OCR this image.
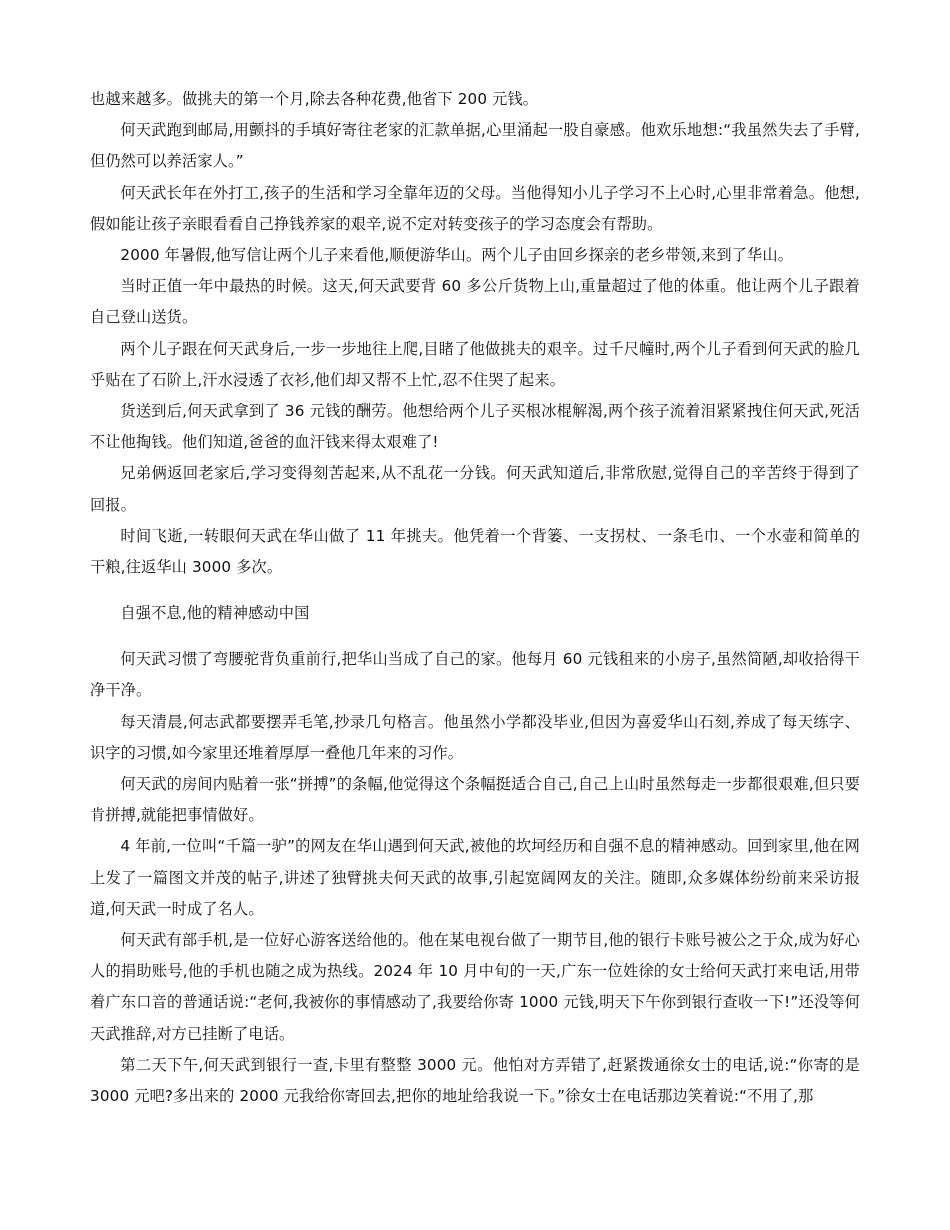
也越来越多。做挑夫的第一个月,除去各种花费,他省下 200 元钱。

何天武跑到邮局,用颤抖的手填好寄往老家的汇款单据,心里涌起一股自豪感。他欢乐地想:“我虽然失去了手臂,但仍然可以养活家人。”

何天武长年在外打工,孩子的生活和学习全靠年迈的父母。当他得知小儿子学习不上心时,心里非常着急。他想,假如能让孩子亲眼看看自己挣钱养家的艰辛,说不定对转变孩子的学习态度会有帮助。

2000 年暑假,他写信让两个儿子来看他,顺便游华山。两个儿子由回乡探亲的老乡带领,来到了华山。

当时正值一年中最热的时候。这天,何天武要背 60 多公斤货物上山,重量超过了他的体重。他让两个儿子跟着自己登山送货。

两个儿子跟在何天武身后,一步一步地往上爬,目睹了他做挑夫的艰辛。过千尺幢时,两个儿子看到何天武的脸几乎贴在了石阶上,汗水浸透了衣衫,他们却又帮不上忙,忍不住哭了起来。

货送到后,何天武拿到了 36 元钱的酬劳。他想给两个儿子买根冰棍解渴,两个孩子流着泪紧紧拽住何天武,死活不让他掏钱。他们知道,爸爸的血汗钱来得太艰难了!

兄弟俩返回老家后,学习变得刻苦起来,从不乱花一分钱。何天武知道后,非常欣慰,觉得自己的辛苦终于得到了回报。

时间飞逝,一转眼何天武在华山做了 11 年挑夫。他凭着一个背篓、一支拐杖、一条毛巾、一个水壶和简单的干粮,往返华山 3000 多次。

自强不息,他的精神感动中国

何天武习惯了弯腰驼背负重前行,把华山当成了自己的家。他每月 60 元钱租来的小房子,虽然简陋,却收拾得干净干净。

每天清晨,何志武都要摆弄毛笔,抄录几句格言。他虽然小学都没毕业,但因为喜爱华山石刻,养成了每天练字、识字的习惯,如今家里还堆着厚厚一叠他几年来的习作。

何天武的房间内贴着一张“拼搏”的条幅,他觉得这个条幅挺适合自己,自己上山时虽然每走一步都很艰难,但只要肯拼搏,就能把事情做好。

4 年前,一位叫“千篇一驴”的网友在华山遇到何天武,被他的坎坷经历和自强不息的精神感动。回到家里,他在网上发了一篇图文并茂的帖子,讲述了独臂挑夫何天武的故事,引起宽阔网友的关注。随即,众多媒体纷纷前来采访报道,何天武一时成了名人。

何天武有部手机,是一位好心游客送给他的。他在某电视台做了一期节目,他的银行卡账号被公之于众,成为好心人的捐助账号,他的手机也随之成为热线。2024 年 10 月中旬的一天,广东一位姓徐的女士给何天武打来电话,用带着广东口音的普通话说:“老何,我被你的事情感动了,我要给你寄 1000 元钱,明天下午你到银行查收一下!”还没等何天武推辞,对方已挂断了电话。

第二天下午,何天武到银行一查,卡里有整整 3000 元。他怕对方弄错了,赶紧拨通徐女士的电话,说:“你寄的是 3000 元吧?多出来的 2000 元我给你寄回去,把你的地址给我说一下。”徐女士在电话那边笑着说:“不用了,那
